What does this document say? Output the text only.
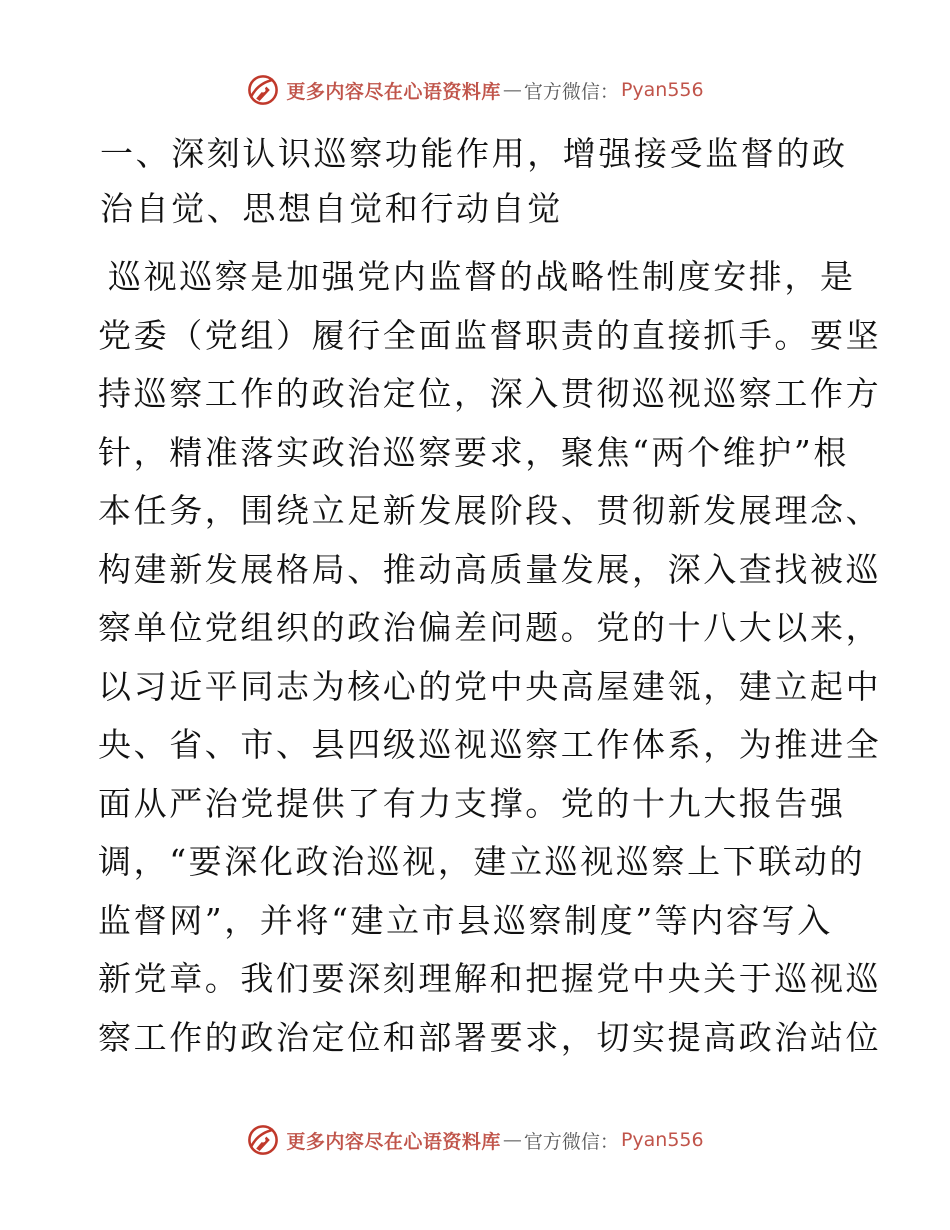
更多内容尽在心语资料库 — 官方微信： Pyan556
一、深刻认识巡察功能作用，增强接受监督的政
治自觉、思想自觉和行动自觉
巡视巡察是加强党内监督的战略性制度安排，是
党委（党组）履行全面监督职责的直接抓手。要坚
持巡察工作的政治定位，深入贯彻巡视巡察工作方
针，精准落实政治巡察要求，聚焦“两个维护”根
本任务，围绕立足新发展阶段、贯彻新发展理念、
构建新发展格局、推动高质量发展，深入查找被巡
察单位党组织的政治偏差问题。党的十八大以来，
以习近平同志为核心的党中央高屋建瓴，建立起中
央、省、市、县四级巡视巡察工作体系，为推进全
面从严治党提供了有力支撑。党的十九大报告强
调，“要深化政治巡视，建立巡视巡察上下联动的
监督网”，并将“建立市县巡察制度”等内容写入
新党章。我们要深刻理解和把握党中央关于巡视巡
察工作的政治定位和部署要求，切实提高政治站位
更多内容尽在心语资料库 — 官方微信： Pyan556
